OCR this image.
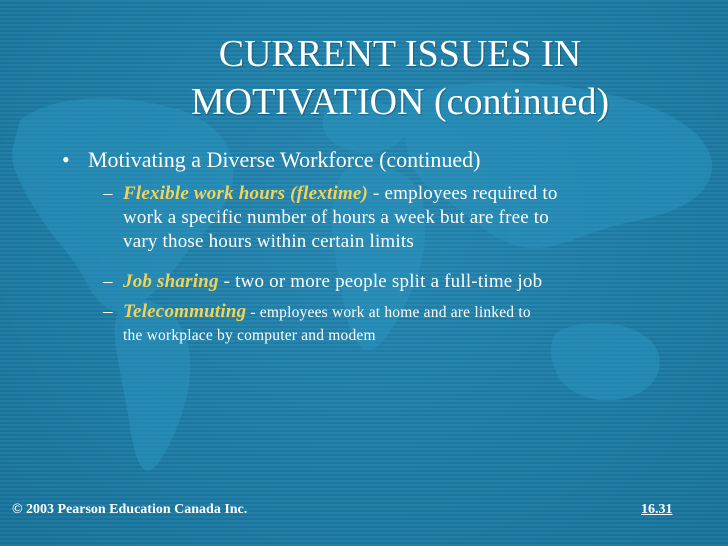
CURRENT ISSUES IN
MOTIVATION (continued)
• Motivating a Diverse Workforce (continued)
– Flexible work hours (flextime) - employees required to
work a specific number of hours a week but are free to
vary those hours within certain limits
– Job sharing - two or more people split a full-time job
– Telecommuting - employees work at home and are linked to
the workplace by computer and modem
© 2003 Pearson Education Canada Inc.	16.31
